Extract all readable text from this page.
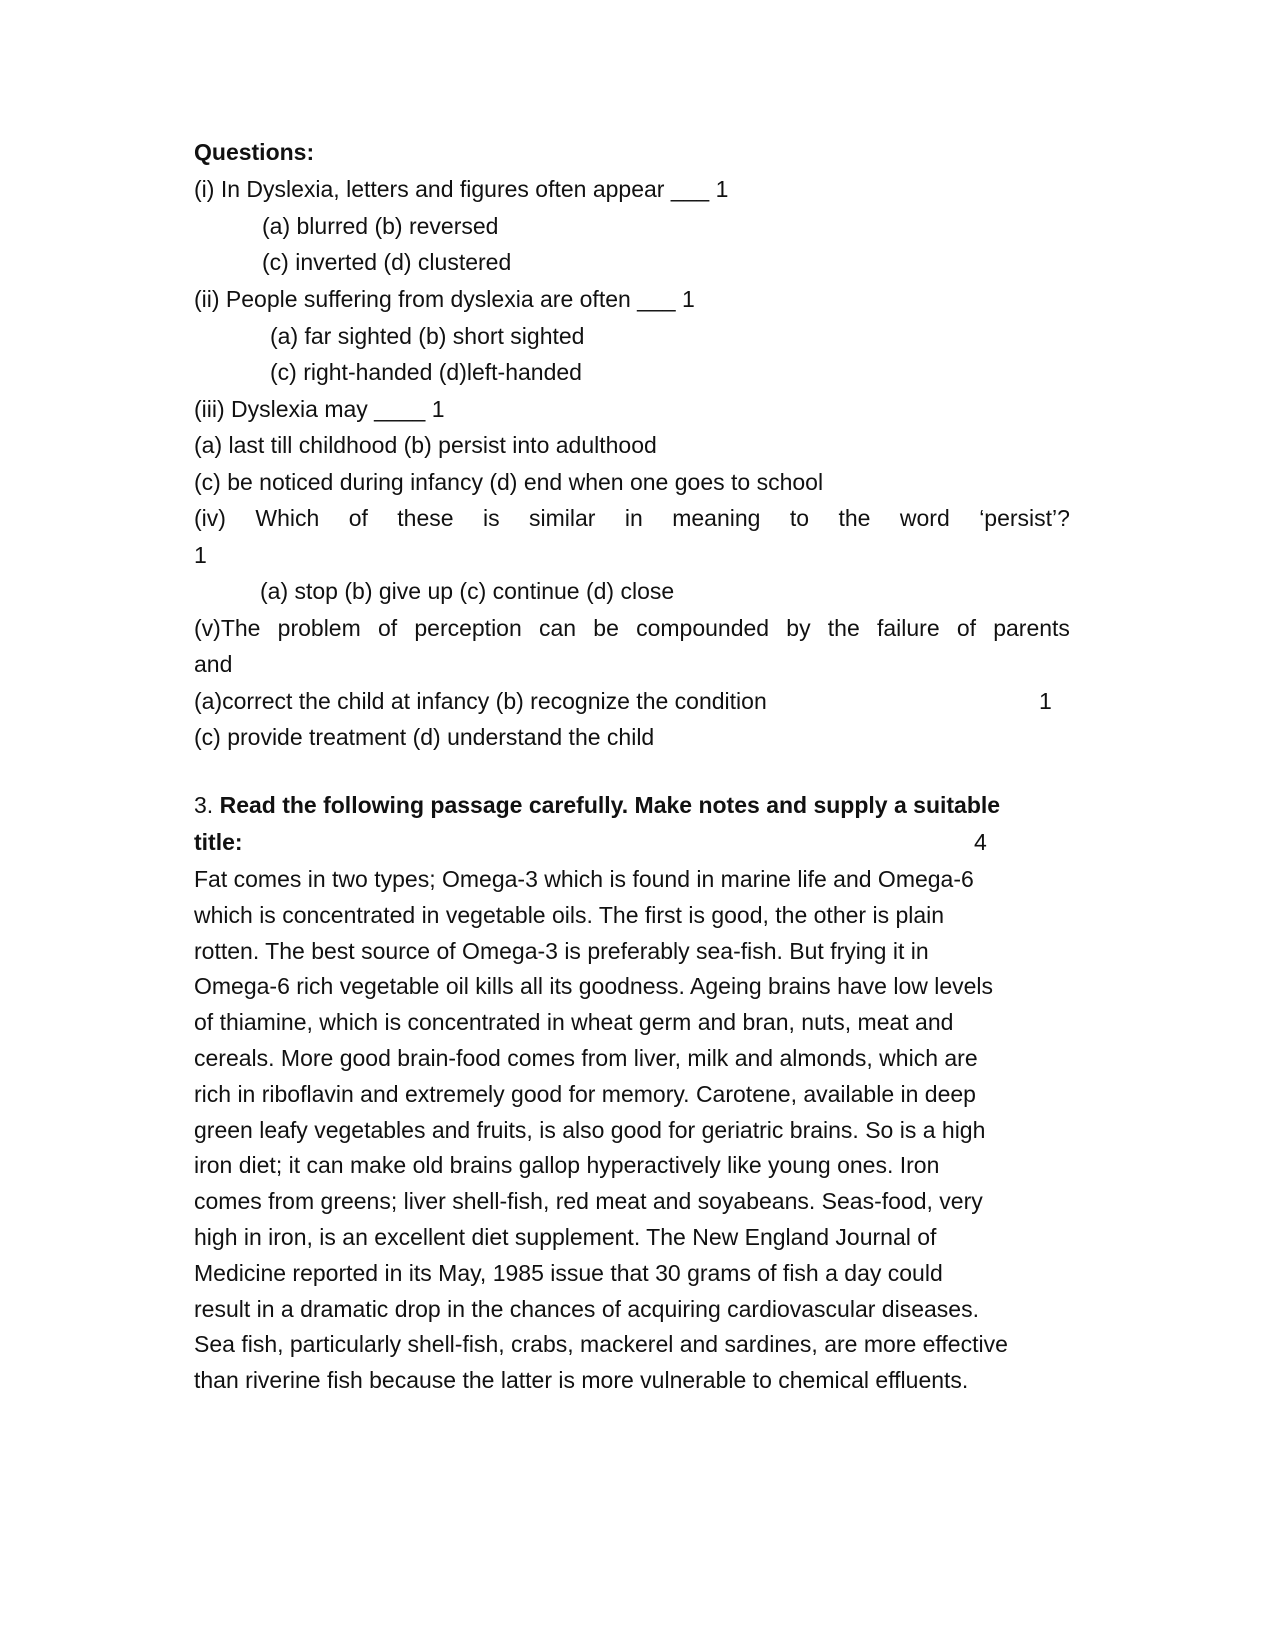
Questions:
(i) In Dyslexia, letters and figures often appear ___ 1
(a) blurred (b) reversed
(c) inverted (d) clustered
(ii) People suffering from dyslexia are often ___ 1
(a) far sighted (b) short sighted
(c) right-handed (d)left-handed
(iii) Dyslexia may ____ 1
(a) last till childhood (b) persist into adulthood
(c) be noticed during infancy (d) end when one goes to school
(iv) Which of these is similar in meaning to the word ‘persist’?
1
(a) stop (b) give up (c) continue (d) close
(v)The problem of perception can be compounded by the failure of parents
and
(a)correct the child at infancy (b) recognize the condition	1
(c) provide treatment (d) understand the child
3. Read the following passage carefully. Make notes and supply a suitable
title:	4

Fat comes in two types; Omega-3 which is found in marine life and Omega-6

which is concentrated in vegetable oils. The first is good, the other is plain

rotten. The best source of Omega-3 is preferably sea-fish. But frying it in

Omega-6 rich vegetable oil kills all its goodness. Ageing brains have low levels

of thiamine, which is concentrated in wheat germ and bran, nuts, meat and

cereals. More good brain-food comes from liver, milk and almonds, which are

rich in riboflavin and extremely good for memory. Carotene, available in deep

green leafy vegetables and fruits, is also good for geriatric brains. So is a high

iron diet; it can make old brains gallop hyperactively like young ones. Iron

comes from greens; liver shell-fish, red meat and soyabeans. Seas-food, very

high in iron, is an excellent diet supplement. The New England Journal of

Medicine reported in its May, 1985 issue that 30 grams of fish a day could

result in a dramatic drop in the chances of acquiring cardiovascular diseases.

Sea fish, particularly shell-fish, crabs, mackerel and sardines, are more effective

than riverine fish because the latter is more vulnerable to chemical effluents.
